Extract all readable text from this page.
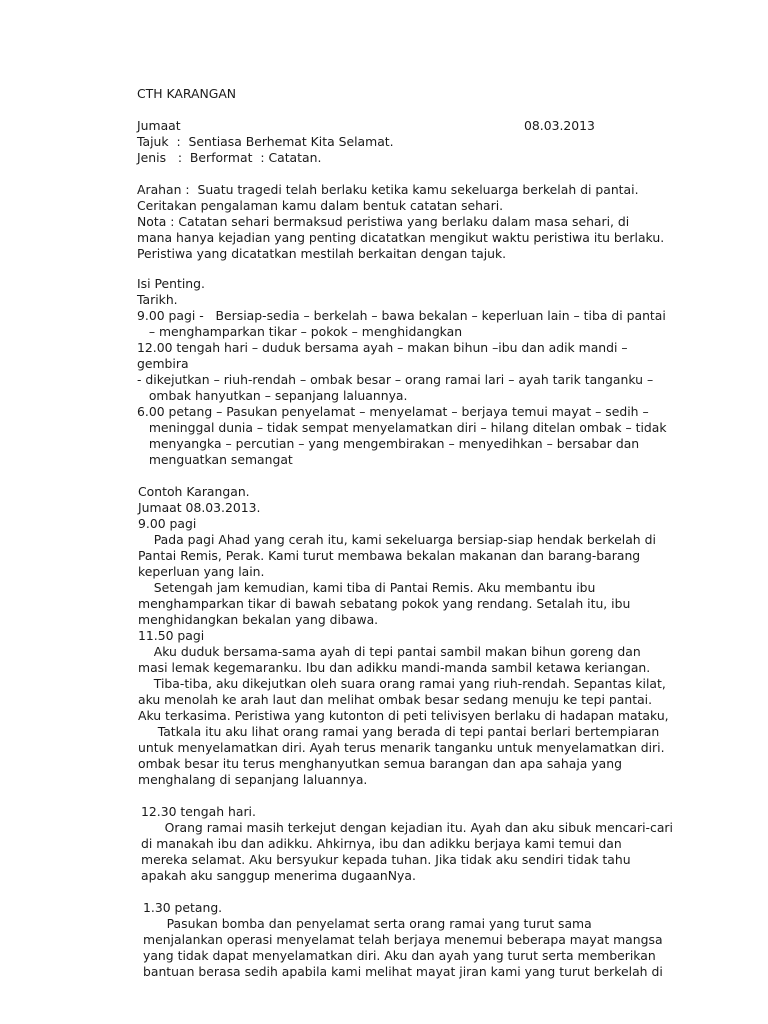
CTH KARANGAN
Jumaat	08.03.2013
Tajuk  :  Sentiasa Berhemat Kita Selamat.
Jenis   :  Berformat  : Catatan.
Arahan :  Suatu tragedi telah berlaku ketika kamu sekeluarga berkelah di pantai.
Ceritakan pengalaman kamu dalam bentuk catatan sehari.
Nota : Catatan sehari bermaksud peristiwa yang berlaku dalam masa sehari, di
mana hanya kejadian yang penting dicatatkan mengikut waktu peristiwa itu berlaku.
Peristiwa yang dicatatkan mestilah berkaitan dengan tajuk.
Isi Penting.
Tarikh.
9.00 pagi -   Bersiap-sedia – berkelah – bawa bekalan – keperluan lain – tiba di pantai
– menghamparkan tikar – pokok – menghidangkan
12.00 tengah hari – duduk bersama ayah – makan bihun –ibu dan adik mandi –
gembira
- dikejutkan – riuh-rendah – ombak besar – orang ramai lari – ayah tarik tanganku –
ombak hanyutkan – sepanjang laluannya.
6.00 petang – Pasukan penyelamat – menyelamat – berjaya temui mayat – sedih –
meninggal dunia – tidak sempat menyelamatkan diri – hilang ditelan ombak – tidak
menyangka – percutian – yang mengembirakan – menyedihkan – bersabar dan
menguatkan semangat
Contoh Karangan.
Jumaat 08.03.2013.
9.00 pagi
Pada pagi Ahad yang cerah itu, kami sekeluarga bersiap-siap hendak berkelah di
Pantai Remis, Perak. Kami turut membawa bekalan makanan dan barang-barang
keperluan yang lain.
Setengah jam kemudian, kami tiba di Pantai Remis. Aku membantu ibu
menghamparkan tikar di bawah sebatang pokok yang rendang. Setalah itu, ibu
menghidangkan bekalan yang dibawa.
11.50 pagi
Aku duduk bersama-sama ayah di tepi pantai sambil makan bihun goreng dan
masi lemak kegemaranku. Ibu dan adikku mandi-manda sambil ketawa keriangan.
Tiba-tiba, aku dikejutkan oleh suara orang ramai yang riuh-rendah. Sepantas kilat,
aku menolah ke arah laut dan melihat ombak besar sedang menuju ke tepi pantai.
Aku terkasima. Peristiwa yang kutonton di peti telivisyen berlaku di hadapan mataku,
Tatkala itu aku lihat orang ramai yang berada di tepi pantai berlari bertempiaran
untuk menyelamatkan diri. Ayah terus menarik tanganku untuk menyelamatkan diri.
ombak besar itu terus menghanyutkan semua barangan dan apa sahaja yang
menghalang di sepanjang laluannya.
12.30 tengah hari.
Orang ramai masih terkejut dengan kejadian itu. Ayah dan aku sibuk mencari-cari
di manakah ibu dan adikku. Ahkirnya, ibu dan adikku berjaya kami temui dan
mereka selamat. Aku bersyukur kepada tuhan. Jika tidak aku sendiri tidak tahu
apakah aku sanggup menerima dugaanNya.
1.30 petang.
Pasukan bomba dan penyelamat serta orang ramai yang turut sama
menjalankan operasi menyelamat telah berjaya menemui beberapa mayat mangsa
yang tidak dapat menyelamatkan diri. Aku dan ayah yang turut serta memberikan
bantuan berasa sedih apabila kami melihat mayat jiran kami yang turut berkelah di
